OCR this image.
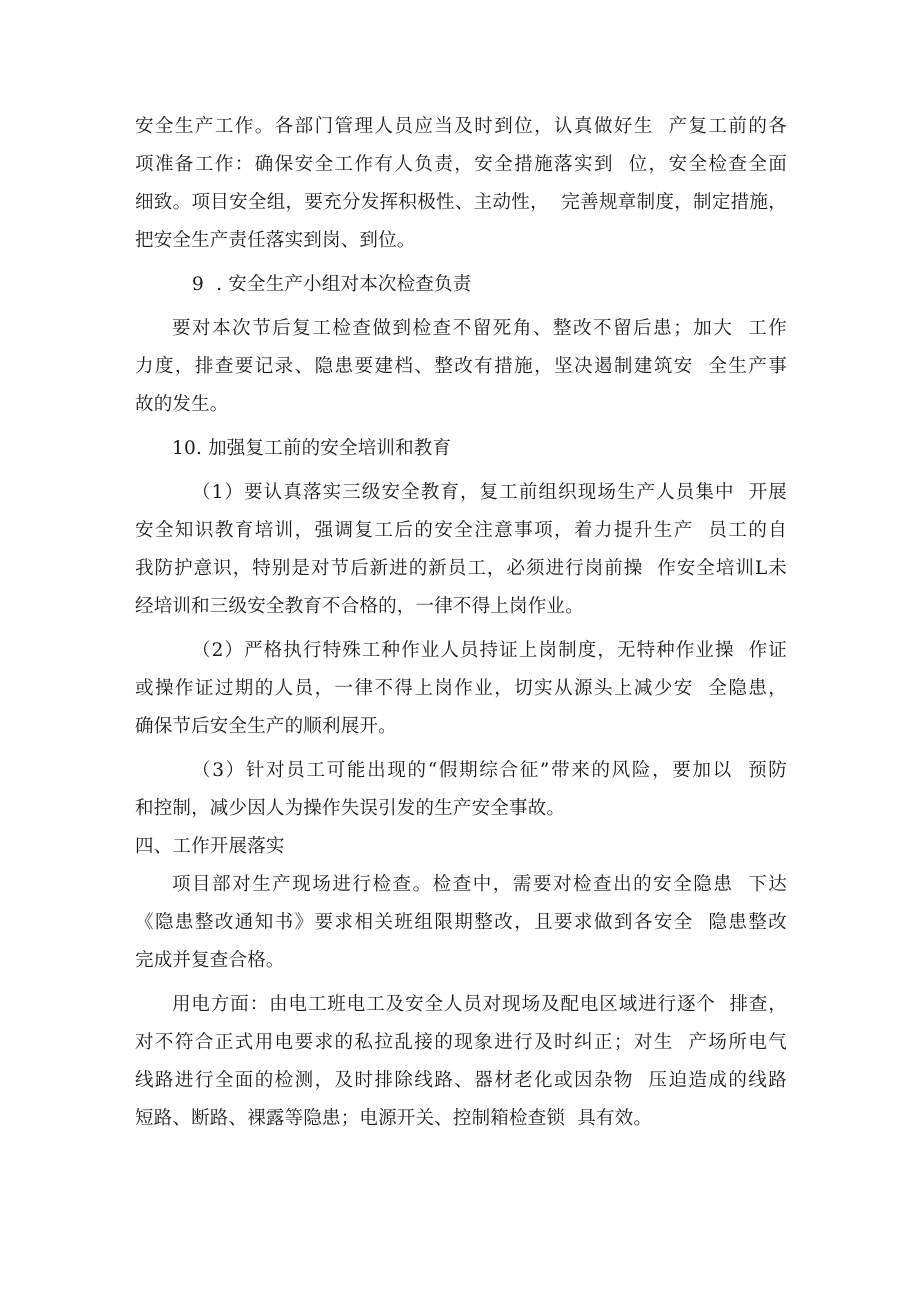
安全生产工作。各部门管理人员应当及时到位，认真做好生  产复工前的各
项准备工作：确保安全工作有人负责，安全措施落实到  位，安全检查全面
细致。项目安全组，要充分发挥积极性、主动性，  完善规章制度，制定措施，
把安全生产责任落实到岗、到位。
9  . 安全生产小组对本次检查负责
要对本次节后复工检查做到检查不留死角、整改不留后患；加大  工作
力度，排查要记录、隐患要建档、整改有措施，坚决遏制建筑安  全生产事
故的发生。
10. 加强复工前的安全培训和教育
（1）要认真落实三级安全教育，复工前组织现场生产人员集中  开展
安全知识教育培训，强调复工后的安全注意事项，着力提升生产  员工的自
我防护意识，特别是对节后新进的新员工，必须进行岗前操  作安全培训L未
经培训和三级安全教育不合格的，一律不得上岗作业。
（2）严格执行特殊工种作业人员持证上岗制度，无特种作业操  作证
或操作证过期的人员，一律不得上岗作业，切实从源头上减少安  全隐患，
确保节后安全生产的顺利展开。
（3）针对员工可能出现的“假期综合征”带来的风险，要加以  预防
和控制，减少因人为操作失误引发的生产安全事故。
四、工作开展落实
项目部对生产现场进行检查。检查中，需要对检查出的安全隐患  下达
《隐患整改通知书》要求相关班组限期整改，且要求做到各安全  隐患整改
完成并复查合格。
用电方面：由电工班电工及安全人员对现场及配电区域进行逐个  排查，
对不符合正式用电要求的私拉乱接的现象进行及时纠正；对生  产场所电气
线路进行全面的检测，及时排除线路、器材老化或因杂物  压迫造成的线路
短路、断路、裸露等隐患；电源开关、控制箱检查锁  具有效。
